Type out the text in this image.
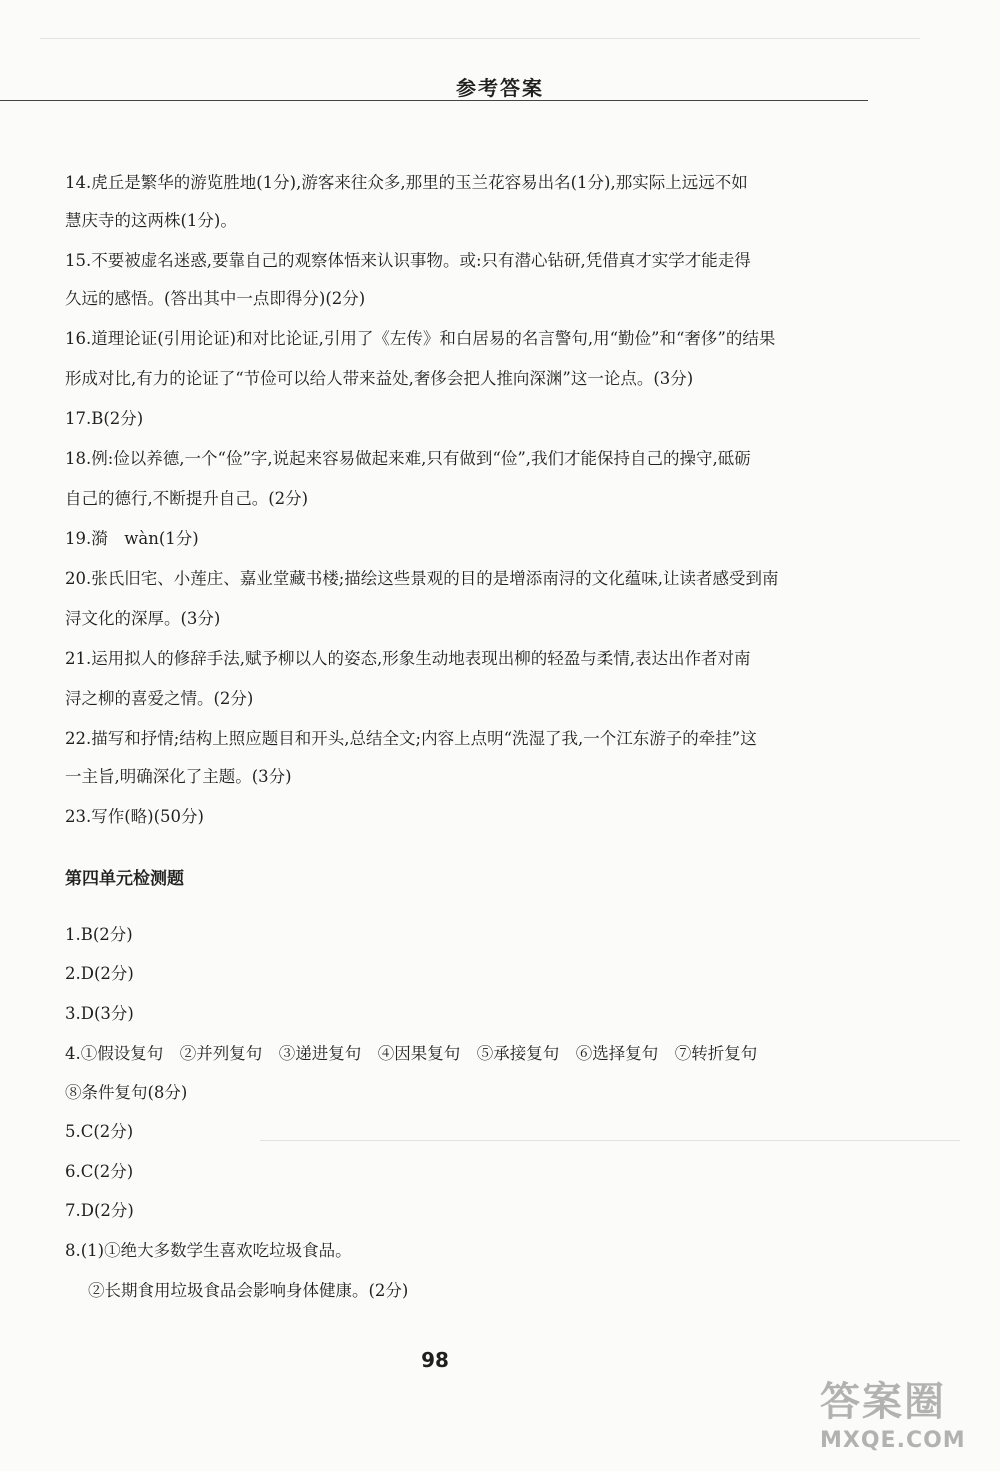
参考答案
14.虎丘是繁华的游览胜地(1分),游客来往众多,那里的玉兰花容易出名(1分),那实际上远远不如
慧庆寺的这两株(1分)。
15.不要被虚名迷惑,要靠自己的观察体悟来认识事物。或:只有潜心钻研,凭借真才实学才能走得
久远的感悟。(答出其中一点即得分)(2分)
16.道理论证(引用论证)和对比论证,引用了《左传》和白居易的名言警句,用“勤俭”和“奢侈”的结果
形成对比,有力的论证了“节俭可以给人带来益处,奢侈会把人推向深渊”这一论点。(3分)
17.B(2分)
18.例:俭以养德,一个“俭”字,说起来容易做起来难,只有做到“俭”,我们才能保持自己的操守,砥砺
自己的德行,不断提升自己。(2分)
19.漪　wàn(1分)
20.张氏旧宅、小莲庄、嘉业堂藏书楼;描绘这些景观的目的是增添南浔的文化蕴味,让读者感受到南
浔文化的深厚。(3分)
21.运用拟人的修辞手法,赋予柳以人的姿态,形象生动地表现出柳的轻盈与柔情,表达出作者对南
浔之柳的喜爱之情。(2分)
22.描写和抒情;结构上照应题目和开头,总结全文;内容上点明“洗湿了我,一个江东游子的牵挂”这
一主旨,明确深化了主题。(3分)
23.写作(略)(50分)
第四单元检测题
1.B(2分)
2.D(2分)
3.D(3分)
4.①假设复句　②并列复句　③递进复句　④因果复句　⑤承接复句　⑥选择复句　⑦转折复句
⑧条件复句(8分)
5.C(2分)
6.C(2分)
7.D(2分)
8.(1)①绝大多数学生喜欢吃垃圾食品。
②长期食用垃圾食品会影响身体健康。(2分)
98
答案圈
MXQE.COM
